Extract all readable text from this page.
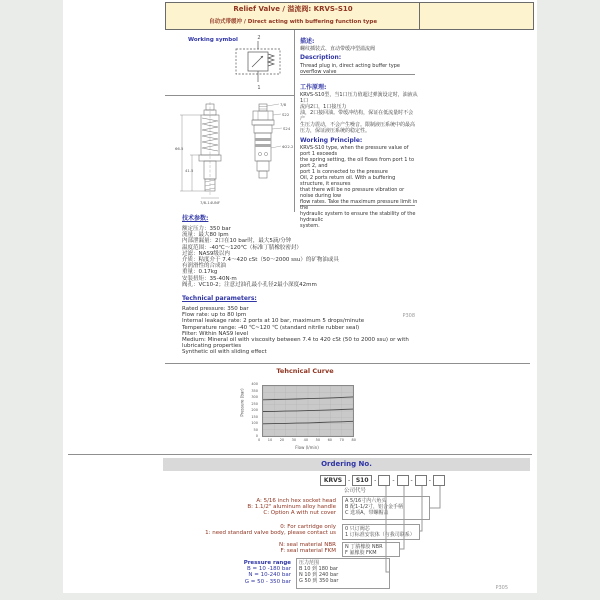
Relief Valve / 溢流阀: KRVS-S10
自动式带缓冲 / Direct acting with buffering function type
Working symbol	2
1
66.5
41.5
7/8-14UNF
7/8
S22
S24
Φ22.2
描述:
螺纹插装式、直动带缓冲型溢流阀
Description:
Thread plug in, direct acting buffer type overflow valve
工作原理:
KRVS-S10型，当1口压力值超过弹簧设定时，油液从1口
流向2口，1口接压力
油，2口接回油。带缓冲结构，保证在低流量时不会产
生压力震动，不会产生噪音。限制液压系统中的最高
压力，保证液压系统的稳定性。
Working Principle:
KRVS-S10 type, when the pressure value of port 1 exceeds
the spring setting, the oil flows from port 1 to port 2, and
port 1 is connected to the pressure
Oil, 2 ports return oil. With a buffering structure, it ensures
that there will be no pressure vibration or noise during low
flow rates. Take the maximum pressure limit in the
hydraulic system to ensure the stability of the hydraulic
system.
技术参数:
额定压力：350 bar
流量：最大80 lpm
内部泄漏量：2口在10 bar时，最大5滴/分钟
温度范围：-40℃～120℃（标准丁腈橡胶密封）
过滤：NAS9级以内
介质：粘度介于 7.4～420 cSt（50～2000 ssu）的矿物油或具
有润滑性的合成油
重量：0.17kg
安装扭矩：35-40N·m
阀孔：VC10-2；注意过油孔最小孔径2最小深度42mm
Technical parameters:
Rated pressure: 350 bar
Flow rate: up to 80 lpm
Internal leakage rate: 2 ports at 10 bar, maximum 5 drops/minute
Temperature range: -40 ℃~120 ℃ (standard nitrile rubber seal)
Filter: Within NAS9 level
Medium: Mineral oil with viscosity between 7.4 to 420 cSt (50 to 2000 ssu) or with
lubricating properties
Synthetic oil with sliding effect
P308
Tehcnical Curve
400
350
300
250
200
150
100
50
0
0 10 20 30 40 50 60 70 80
Pressure (bar)
Flow (l/min)
Ordering No.
KRVS - S10 -	-	-	-
公司代号
A: 5/16 inch hex socket head
B: 1.1/2" aluminum alloy handle
C: Option A with nut cover
A 5/16寸内六角头
B 配1-1/2寸，铝合金手柄
C 选项A，带螺帽盖
0: For cartridge only
1: need standard valve body, please contact us
0 只订阀芯
1 订标准安装体（与我司联系）
N: seal material NBR
F: seal material FKM
N 丁腈橡胶 NBR
F 氟橡胶 FKM
Pressure range
B = 10 -180 bar
N = 10-240 bar
G = 50 - 350 bar
压力范围
B 10 到 180 bar
N 10 到 240 bar
G 50 到 350 bar
P305
